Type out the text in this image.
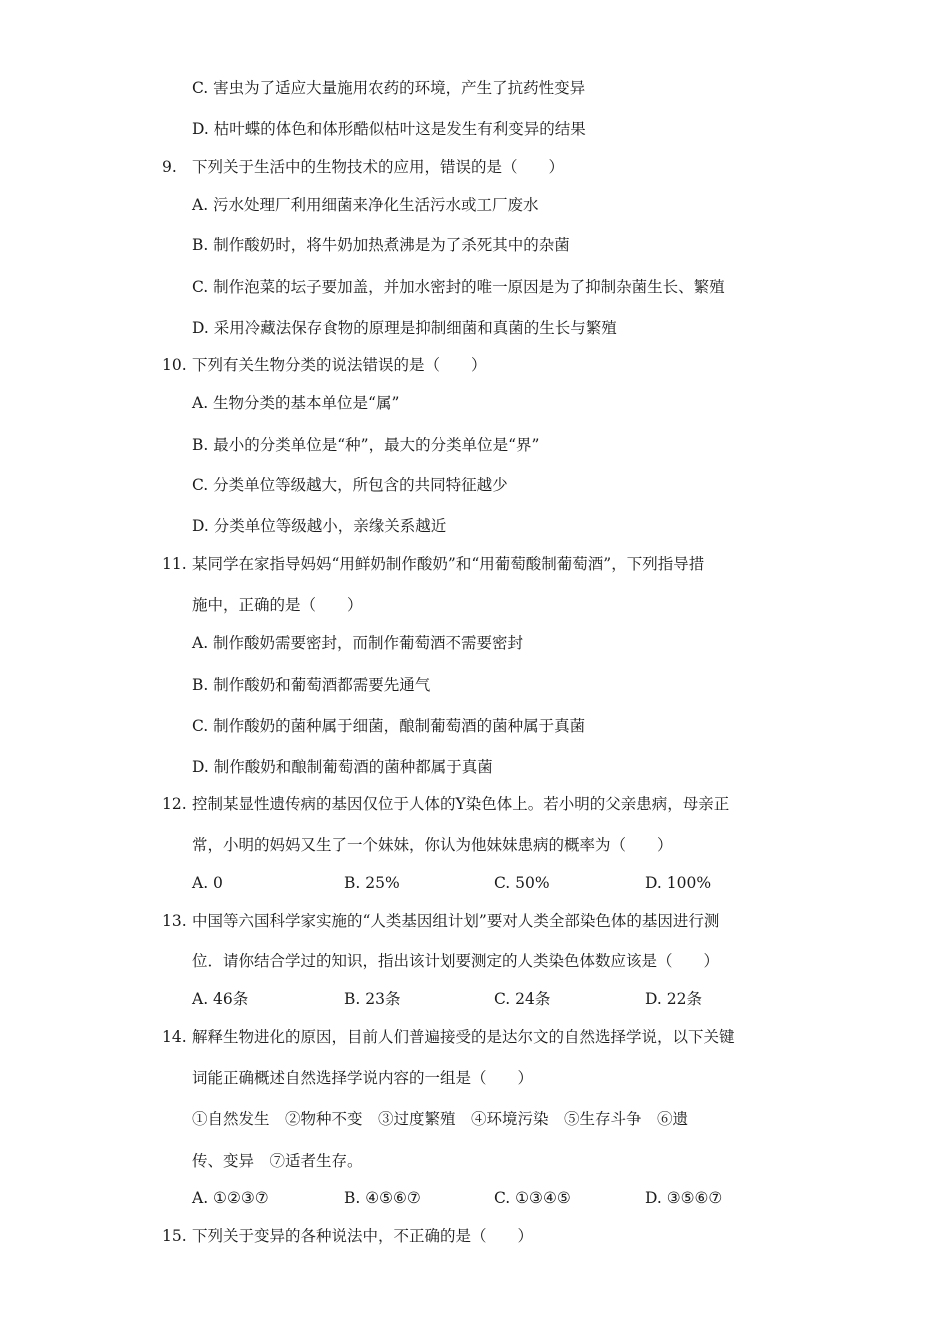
C. 害虫为了适应大量施用农药的环境，产生了抗药性变异
D. 枯叶蝶的体色和体形酷似枯叶这是发生有利变异的结果
9. 下列关于生活中的生物技术的应用，错误的是（　　）
A. 污水处理厂利用细菌来净化生活污水或工厂废水
B. 制作酸奶时，将牛奶加热煮沸是为了杀死其中的杂菌
C. 制作泡菜的坛子要加盖，并加水密封的唯一原因是为了抑制杂菌生长、繁殖
D. 采用冷藏法保存食物的原理是抑制细菌和真菌的生长与繁殖
10. 下列有关生物分类的说法错误的是（　　）
A. 生物分类的基本单位是“属”
B. 最小的分类单位是“种”，最大的分类单位是“界”
C. 分类单位等级越大，所包含的共同特征越少
D. 分类单位等级越小，亲缘关系越近
11. 某同学在家指导妈妈“用鲜奶制作酸奶”和“用葡萄酸制葡萄酒”，下列指导措
施中，正确的是（　　）
A. 制作酸奶需要密封，而制作葡萄酒不需要密封
B. 制作酸奶和葡萄酒都需要先通气
C. 制作酸奶的菌种属于细菌，酿制葡萄酒的菌种属于真菌
D. 制作酸奶和酿制葡萄酒的菌种都属于真菌
12. 控制某显性遗传病的基因仅位于人体的Y染色体上。若小明的父亲患病，母亲正
常，小明的妈妈又生了一个妹妹，你认为他妹妹患病的概率为（　　）
A. 0	B. 25%	C. 50%	D. 100%
13. 中国等六国科学家实施的“人类基因组计划”要对人类全部染色体的基因进行测
位．请你结合学过的知识，指出该计划要测定的人类染色体数应该是（　　）
A. 46条	B. 23条	C. 24条	D. 22条
14. 解释生物进化的原因，目前人们普遍接受的是达尔文的自然选择学说，以下关键
词能正确概述自然选择学说内容的一组是（　　）
①自然发生　②物种不变　③过度繁殖　④环境污染　⑤生存斗争　⑥遗
传、变异　⑦适者生存。
A. ①②③⑦	B. ④⑤⑥⑦	C. ①③④⑤	D. ③⑤⑥⑦
15. 下列关于变异的各种说法中，不正确的是（　　）
